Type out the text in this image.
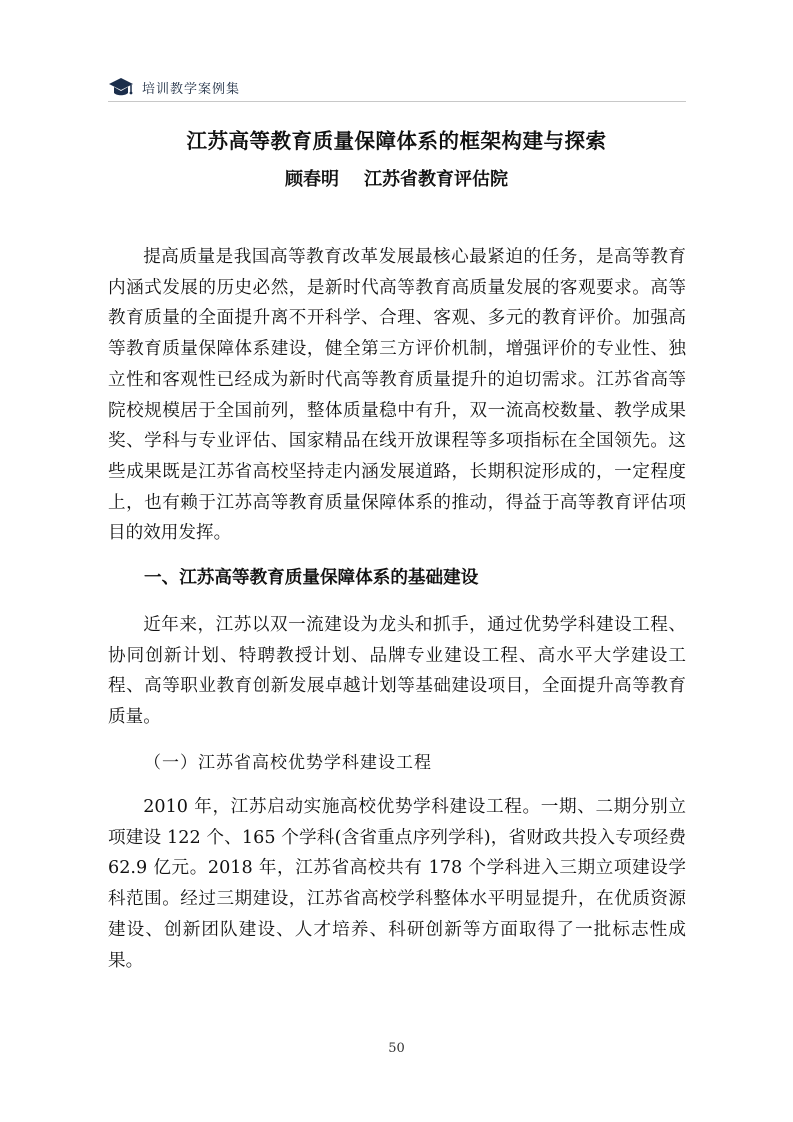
培训教学案例集
江苏高等教育质量保障体系的框架构建与探索
顾春明    江苏省教育评估院

提高质量是我国高等教育改革发展最核心最紧迫的任务，是高等教育内涵式发展的历史必然，是新时代高等教育高质量发展的客观要求。高等教育质量的全面提升离不开科学、合理、客观、多元的教育评价。加强高等教育质量保障体系建设，健全第三方评价机制，增强评价的专业性、独立性和客观性已经成为新时代高等教育质量提升的迫切需求。江苏省高等院校规模居于全国前列，整体质量稳中有升，双一流高校数量、教学成果奖、学科与专业评估、国家精品在线开放课程等多项指标在全国领先。这些成果既是江苏省高校坚持走内涵发展道路，长期积淀形成的，一定程度上，也有赖于江苏高等教育质量保障体系的推动，得益于高等教育评估项目的效用发挥。

一、江苏高等教育质量保障体系的基础建设

近年来，江苏以双一流建设为龙头和抓手，通过优势学科建设工程、协同创新计划、特聘教授计划、品牌专业建设工程、高水平大学建设工程、高等职业教育创新发展卓越计划等基础建设项目，全面提升高等教育质量。

（一）江苏省高校优势学科建设工程

2010 年，江苏启动实施高校优势学科建设工程。一期、二期分别立项建设 122 个、165 个学科(含省重点序列学科)，省财政共投入专项经费 62.9 亿元。2018 年，江苏省高校共有 178 个学科进入三期立项建设学科范围。经过三期建设，江苏省高校学科整体水平明显提升，在优质资源建设、创新团队建设、人才培养、科研创新等方面取得了一批标志性成果。

50
